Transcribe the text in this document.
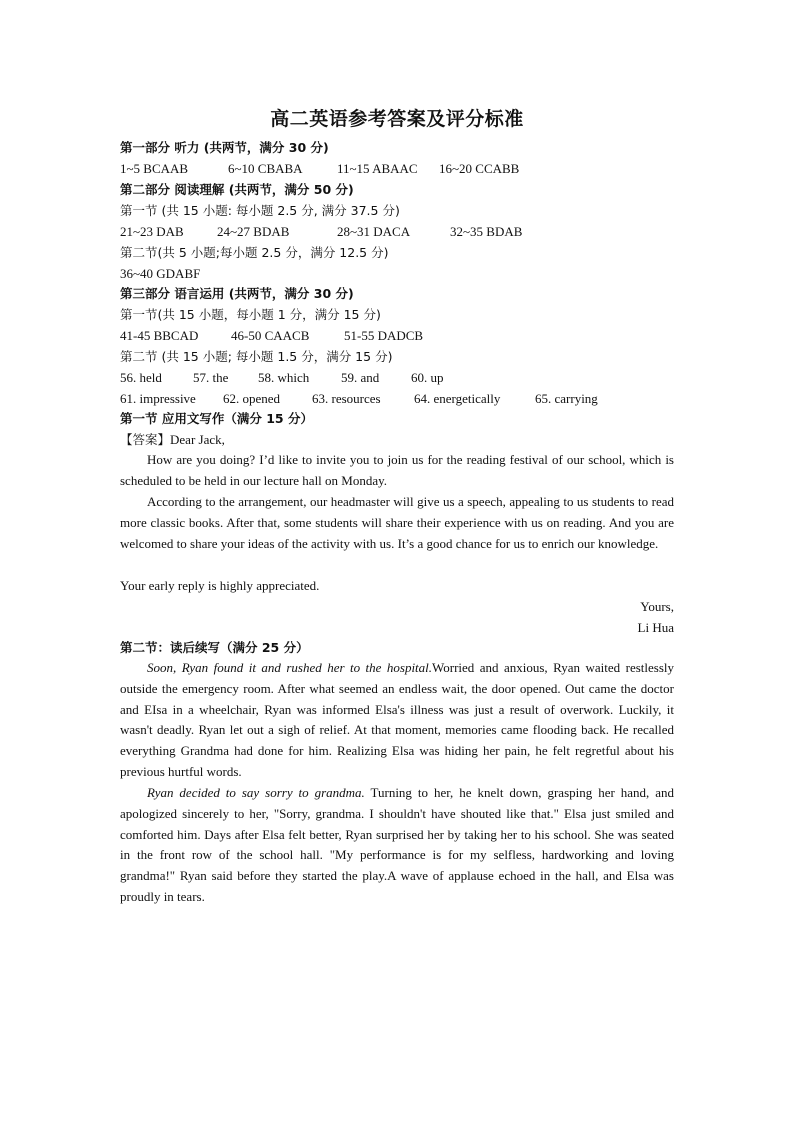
高二英语参考答案及评分标准
第一部分 听力 (共两节，满分 30 分)
1~5 BCAAB	6~10 CBABA	11~15 ABAAC 16~20 CCABB
第二部分 阅读理解 (共两节，满分 50 分)
第一节 (共 15 小题: 每小题 2.5 分, 满分 37.5 分)
21~23 DAB	24~27 BDAB	28~31 DACA	32~35 BDAB
第二节(共 5 小题;每小题 2.5 分，满分 12.5 分)
36~40 GDABF
第三部分 语言运用 (共两节，满分 30 分)
第一节(共 15 小题，每小题 1 分，满分 15 分)
41-45 BBCAD	46-50 CAACB	51-55 DADCB
第二节 (共 15 小题; 每小题 1.5 分，满分 15 分)
56. held 57. the 58. which 59. and 60. up
61. impressive 62. opened 63. resources	64. energetically	65. carrying
第一节 应用文写作（满分 15 分）
【答案】Dear Jack,
How are you doing? I’d like to invite you to join us for the reading festival of our school, which is scheduled to be held in our lecture hall on Monday.
According to the arrangement, our headmaster will give us a speech, appealing to us students to read more classic books. After that, some students will share their experience with us on reading. And you are welcomed to share your ideas of the activity with us. It’s a good chance for us to enrich our knowledge.
Your early reply is highly appreciated.
Yours,
Li Hua
第二节：读后续写（满分 25 分）
Soon, Ryan found it and rushed her to the hospital.Worried and anxious, Ryan waited restlessly outside the emergency room. After what seemed an endless wait, the door opened. Out came the doctor and EIsa in a wheelchair, Ryan was informed Elsa's illness was just a result of overwork. Luckily, it wasn't deadly. Ryan let out a sigh of relief. At that moment, memories came flooding back. He recalled everything Grandma had done for him. Realizing Elsa was hiding her pain, he felt regretful about his previous hurtful words.
Ryan decided to say sorry to grandma. Turning to her, he knelt down, grasping her hand, and apologized sincerely to her, "Sorry, grandma. I shouldn't have shouted like that." Elsa just smiled and comforted him. Days after Elsa felt better, Ryan surprised her by taking her to his school. She was seated in the front row of the school hall. "My performance is for my selfless, hardworking and loving grandma!" Ryan said before they started the play.A wave of applause echoed in the hall, and Elsa was proudly in tears.
